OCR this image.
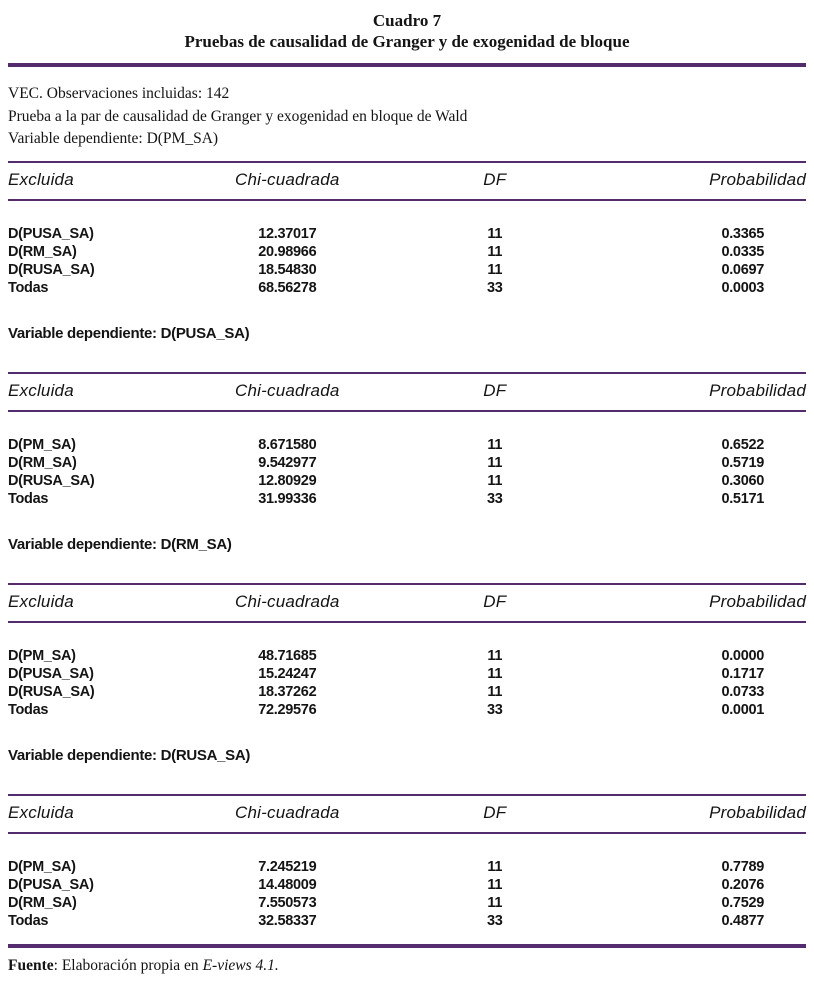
Cuadro 7
Pruebas de causalidad de Granger y de exogenidad de bloque

VEC. Observaciones incluidas: 142

Prueba a la par de causalidad de Granger y exogenidad en bloque de Wald

Variable dependiente: D(PM_SA)

Excluida	Chi-cuadrada	DF	Probabilidad
D(PUSA_SA)	12.37017	11	0.3365
D(RM_SA)	20.98966	11	0.0335
D(RUSA_SA)	18.54830	11	0.0697
Todas	68.56278	33	0.0003

Variable dependiente: D(PUSA_SA)

Excluida	Chi-cuadrada	DF	Probabilidad
D(PM_SA)	8.671580	11	0.6522
D(RM_SA)	9.542977	11	0.5719
D(RUSA_SA)	12.80929	11	0.3060
Todas	31.99336	33	0.5171

Variable dependiente: D(RM_SA)

Excluida	Chi-cuadrada	DF	Probabilidad
D(PM_SA)	48.71685	11	0.0000
D(PUSA_SA)	15.24247	11	0.1717
D(RUSA_SA)	18.37262	11	0.0733
Todas	72.29576	33	0.0001

Variable dependiente: D(RUSA_SA)

Excluida	Chi-cuadrada	DF	Probabilidad
D(PM_SA)	7.245219	11	0.7789
D(PUSA_SA)	14.48009	11	0.2076
D(RM_SA)	7.550573	11	0.7529
Todas	32.58337	33	0.4877
Fuente: Elaboración propia en E-views 4.1.
